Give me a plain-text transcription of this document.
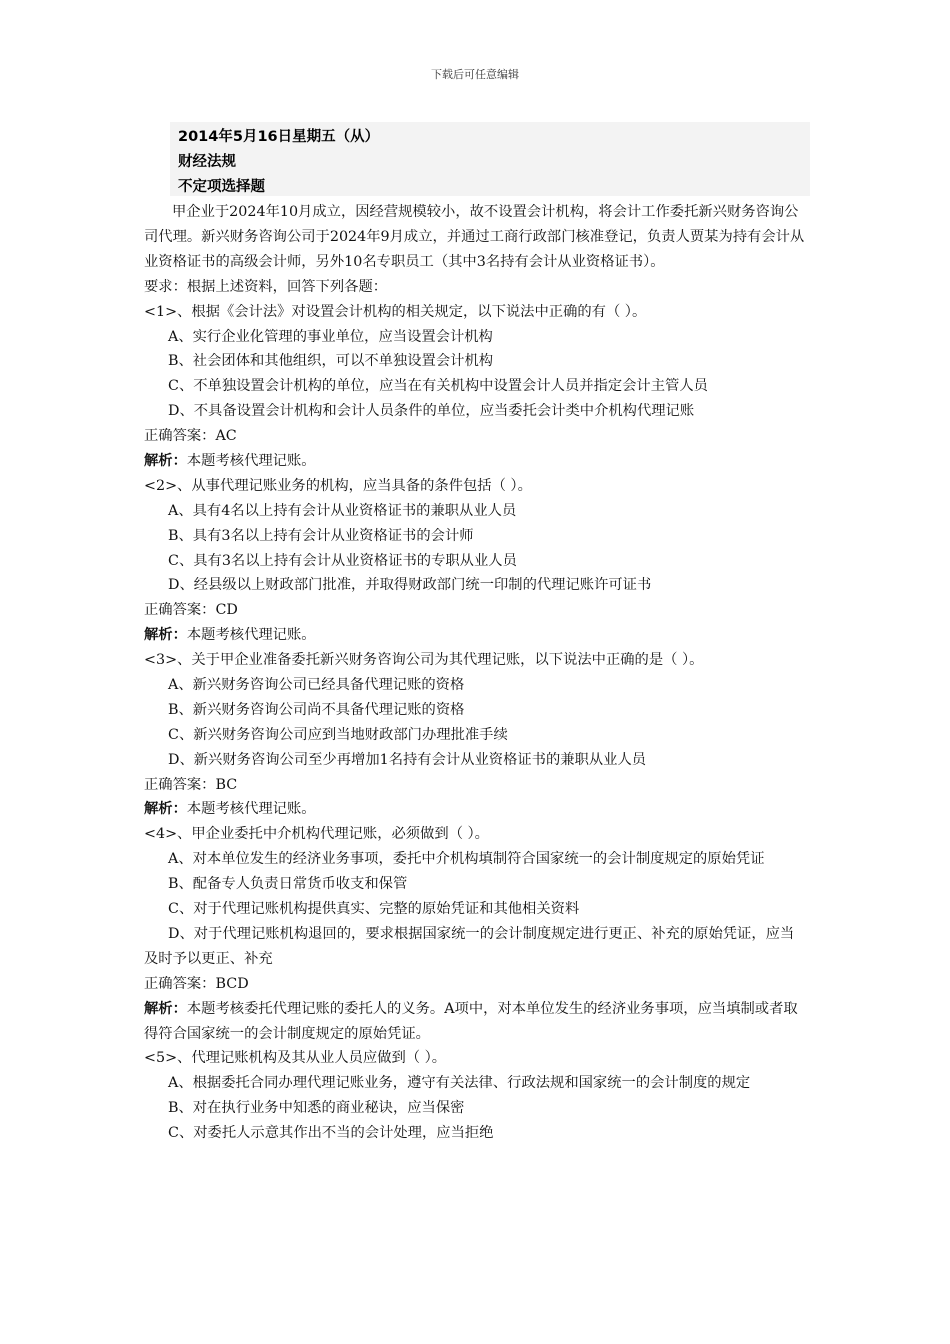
下载后可任意编辑
2014年5月16日星期五（从）
财经法规
不定项选择题
甲企业于2024年10月成立，因经营规模较小，故不设置会计机构，将会计工作委托新兴财务咨询公司代理。新兴财务咨询公司于2024年9月成立，并通过工商行政部门核准登记，负责人贾某为持有会计从业资格证书的高级会计师，另外10名专职员工（其中3名持有会计从业资格证书）。
要求：根据上述资料，回答下列各题：
<1>、根据《会计法》对设置会计机构的相关规定，以下说法中正确的有（ ）。
A、实行企业化管理的事业单位，应当设置会计机构
B、社会团体和其他组织，可以不单独设置会计机构
C、不单独设置会计机构的单位，应当在有关机构中设置会计人员并指定会计主管人员
D、不具备设置会计机构和会计人员条件的单位，应当委托会计类中介机构代理记账
正确答案：AC
解析：本题考核代理记账。
<2>、从事代理记账业务的机构，应当具备的条件包括（ ）。
A、具有4名以上持有会计从业资格证书的兼职从业人员
B、具有3名以上持有会计从业资格证书的会计师
C、具有3名以上持有会计从业资格证书的专职从业人员
D、经县级以上财政部门批准，并取得财政部门统一印制的代理记账许可证书
正确答案：CD
解析：本题考核代理记账。
<3>、关于甲企业准备委托新兴财务咨询公司为其代理记账，以下说法中正确的是（ ）。
A、新兴财务咨询公司已经具备代理记账的资格
B、新兴财务咨询公司尚不具备代理记账的资格
C、新兴财务咨询公司应到当地财政部门办理批准手续
D、新兴财务咨询公司至少再增加1名持有会计从业资格证书的兼职从业人员
正确答案：BC
解析：本题考核代理记账。
<4>、甲企业委托中介机构代理记账，必须做到（ ）。
A、对本单位发生的经济业务事项，委托中介机构填制符合国家统一的会计制度规定的原始凭证
B、配备专人负责日常货币收支和保管
C、对于代理记账机构提供真实、完整的原始凭证和其他相关资料
D、对于代理记账机构退回的，要求根据国家统一的会计制度规定进行更正、补充的原始凭证，应当及时予以更正、补充
正确答案：BCD
解析：本题考核委托代理记账的委托人的义务。A项中，对本单位发生的经济业务事项，应当填制或者取得符合国家统一的会计制度规定的原始凭证。
<5>、代理记账机构及其从业人员应做到（ ）。
A、根据委托合同办理代理记账业务，遵守有关法律、行政法规和国家统一的会计制度的规定
B、对在执行业务中知悉的商业秘诀，应当保密
C、对委托人示意其作出不当的会计处理，应当拒绝
